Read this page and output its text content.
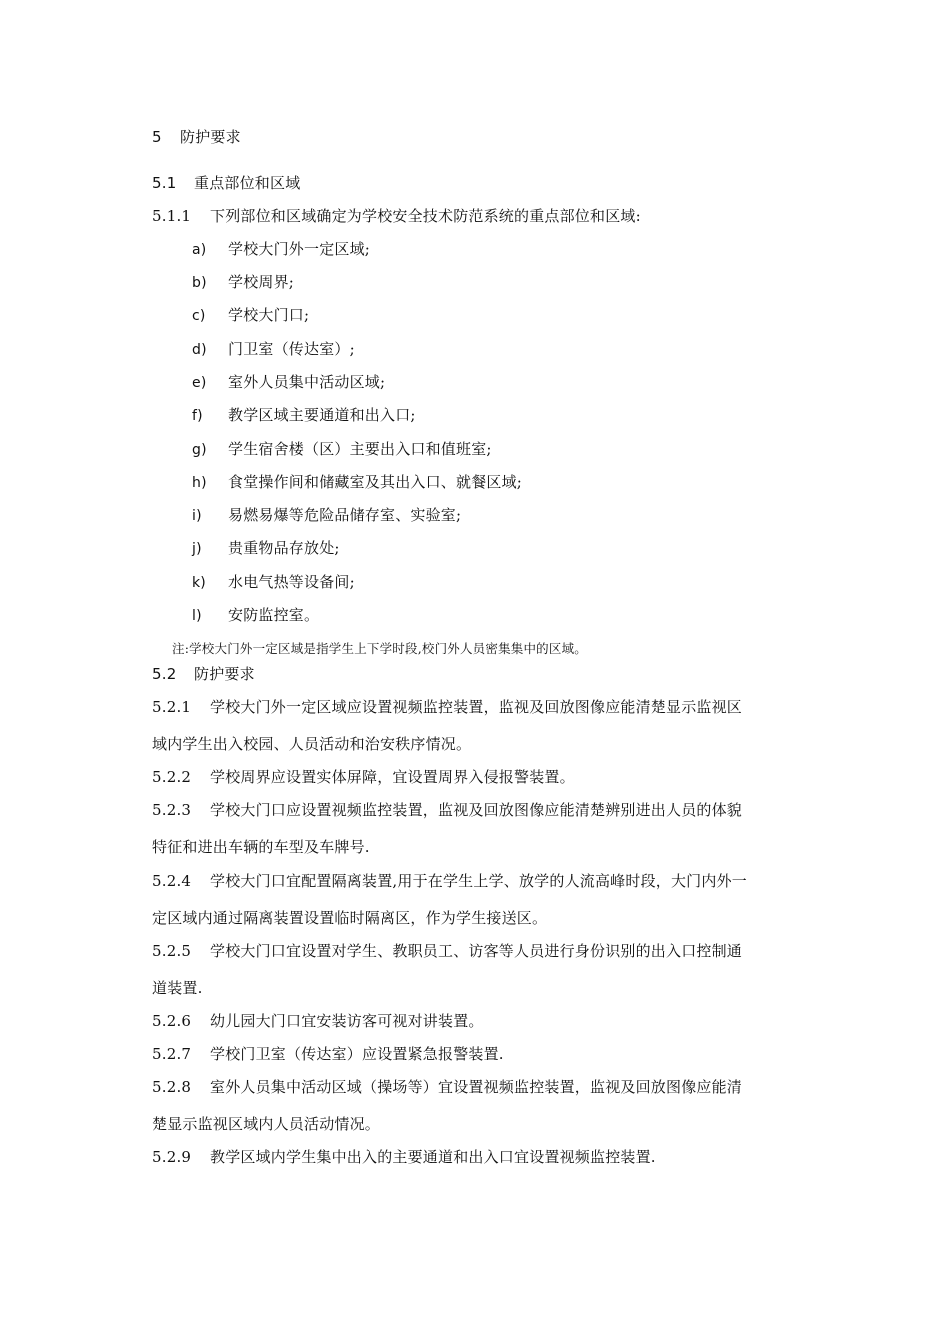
5 防护要求
5.1 重点部位和区域
5.1.1 下列部位和区域确定为学校安全技术防范系统的重点部位和区域:
a) 学校大门外一定区域;
b) 学校周界;
c) 学校大门口;
d) 门卫室（传达室）;
e) 室外人员集中活动区域;
f) 教学区域主要通道和出入口;
g) 学生宿舍楼（区）主要出入口和值班室;
h) 食堂操作间和储藏室及其出入口、就餐区域;
i) 易燃易爆等危险品储存室、实验室;
j) 贵重物品存放处;
k) 水电气热等设备间;
l) 安防监控室。
注:学校大门外一定区域是指学生上下学时段,校门外人员密集集中的区域。
5.2 防护要求
5.2.1 学校大门外一定区域应设置视频监控装置，监视及回放图像应能清楚显示监视区
域内学生出入校园、人员活动和治安秩序情况。
5.2.2 学校周界应设置实体屏障，宜设置周界入侵报警装置。
5.2.3 学校大门口应设置视频监控装置，监视及回放图像应能清楚辨别进出人员的体貌
特征和进出车辆的车型及车牌号.
5.2.4 学校大门口宜配置隔离装置,用于在学生上学、放学的人流高峰时段，大门内外一
定区域内通过隔离装置设置临时隔离区，作为学生接送区。
5.2.5 学校大门口宜设置对学生、教职员工、访客等人员进行身份识别的出入口控制通
道装置.
5.2.6 幼儿园大门口宜安装访客可视对讲装置。
5.2.7 学校门卫室（传达室）应设置紧急报警装置.
5.2.8 室外人员集中活动区域（操场等）宜设置视频监控装置，监视及回放图像应能清
楚显示监视区域内人员活动情况。
5.2.9 教学区域内学生集中出入的主要通道和出入口宜设置视频监控装置.
